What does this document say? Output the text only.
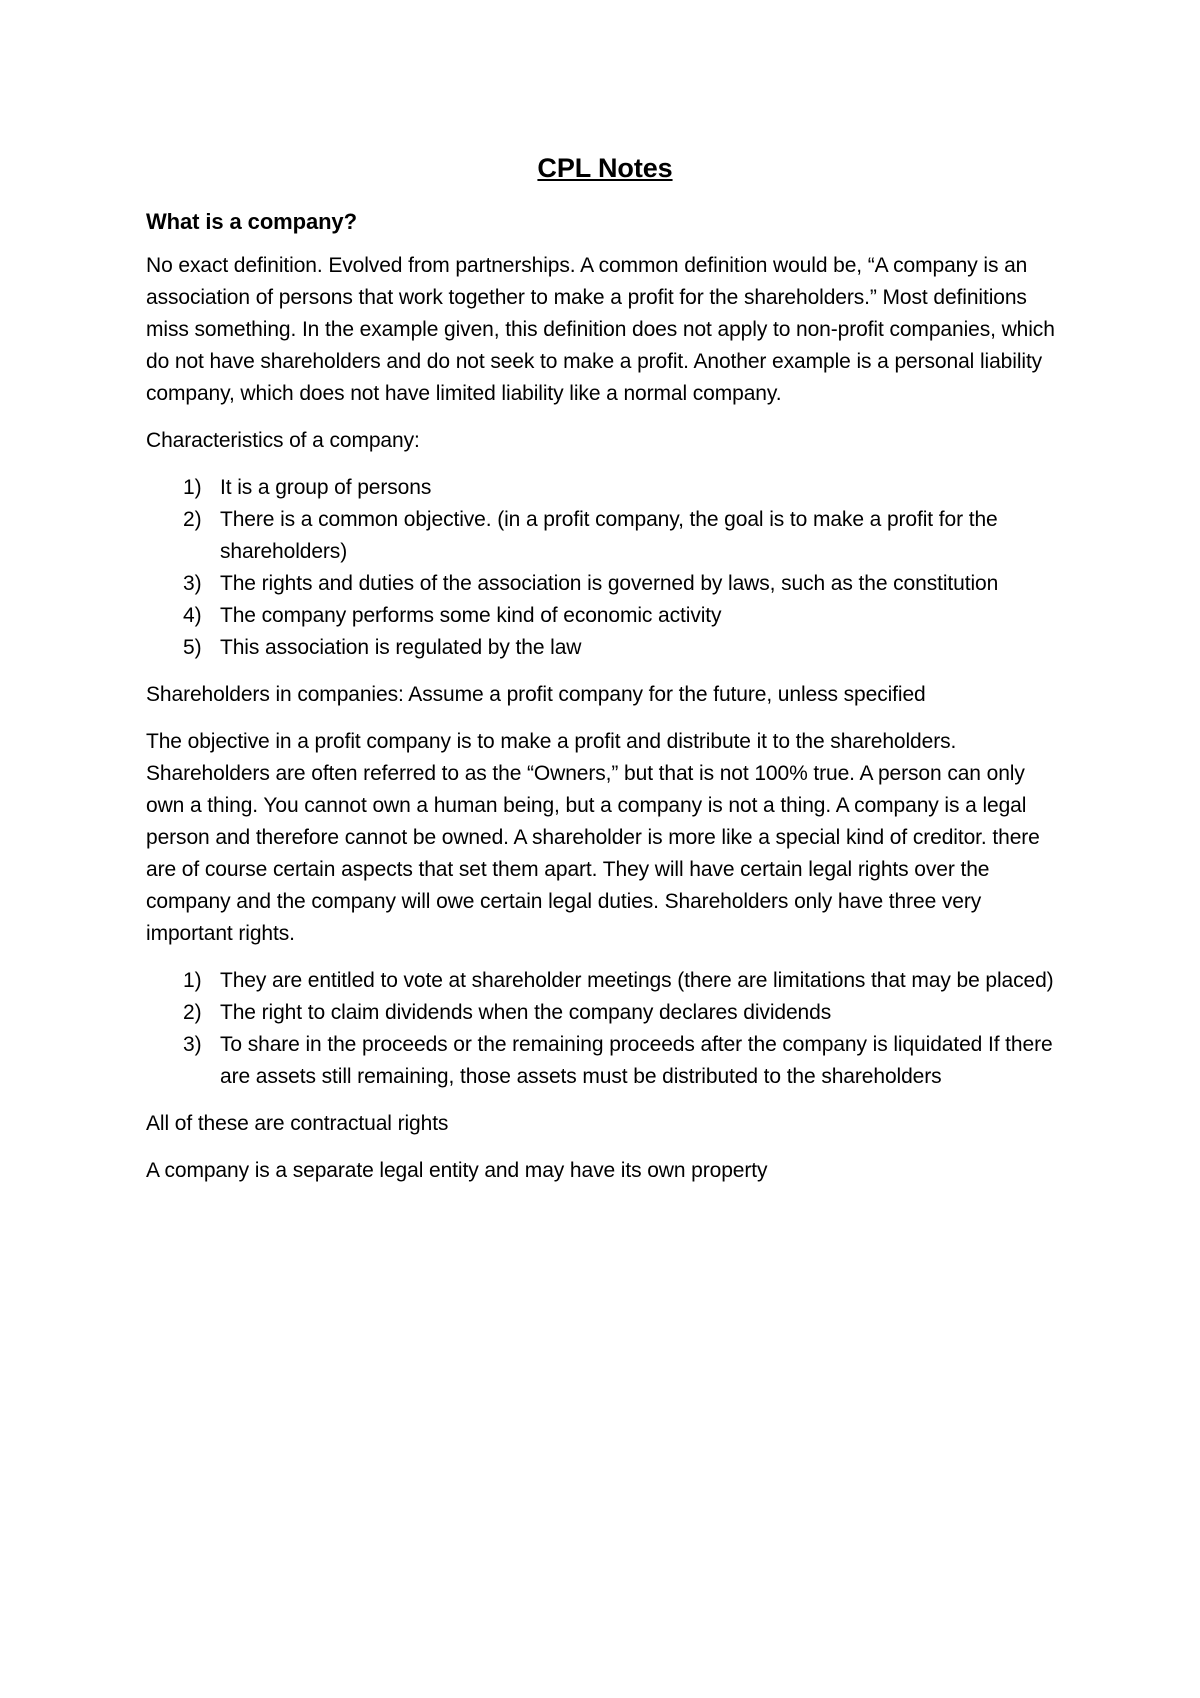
CPL Notes
What is a company?

No exact definition. Evolved from partnerships. A common definition would be, “A company is an association of persons that work together to make a profit for the shareholders.” Most definitions miss something. In the example given, this definition does not apply to non-profit companies, which do not have shareholders and do not seek to make a profit. Another example is a personal liability company, which does not have limited liability like a normal company.

Characteristics of a company:

1) It is a group of persons
2) There is a common objective. (in a profit company, the goal is to make a profit for the shareholders)
3) The rights and duties of the association is governed by laws, such as the constitution
4) The company performs some kind of economic activity
5) This association is regulated by the law

Shareholders in companies: Assume a profit company for the future, unless specified

The objective in a profit company is to make a profit and distribute it to the shareholders. Shareholders are often referred to as the “Owners,” but that is not 100% true. A person can only own a thing. You cannot own a human being, but a company is not a thing. A company is a legal person and therefore cannot be owned. A shareholder is more like a special kind of creditor. there are of course certain aspects that set them apart. They will have certain legal rights over the company and the company will owe certain legal duties. Shareholders only have three very important rights.

1) They are entitled to vote at shareholder meetings (there are limitations that may be placed)
2) The right to claim dividends when the company declares dividends
3) To share in the proceeds or the remaining proceeds after the company is liquidated If there are assets still remaining, those assets must be distributed to the shareholders

All of these are contractual rights

A company is a separate legal entity and may have its own property
